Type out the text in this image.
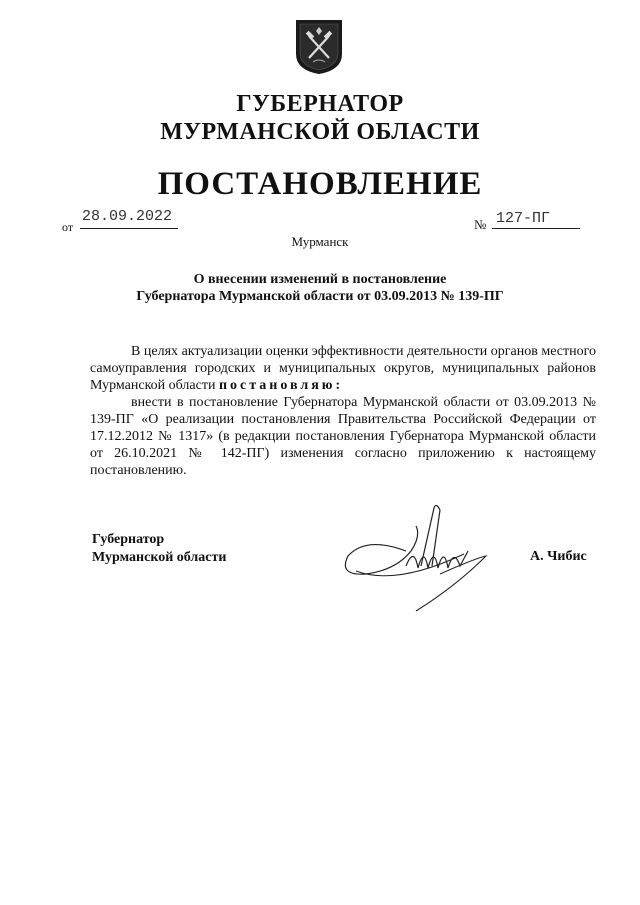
ГУБЕРНАТОР
МУРМАНСКОЙ ОБЛАСТИ
ПОСТАНОВЛЕНИЕ
от
28.09.2022	№ 127-ПГ
Мурманск
О внесении изменений в постановление
Губернатора Мурманской области от 03.09.2013 № 139-ПГ

В целях актуализации оценки эффективности деятельности органов местного самоуправления городских и муниципальных округов, муниципальных районов Мурманской области постановляю:

внести в постановление Губернатора Мурманской области от 03.09.2013 № 139-ПГ «О реализации постановления Правительства Российской Федерации от 17.12.2012 № 1317» (в редакции постановления Губернатора Мурманской области от 26.10.2021 № 142-ПГ) изменения согласно приложению к настоящему постановлению.

Губернатор
Мурманской области	А. Чибис
